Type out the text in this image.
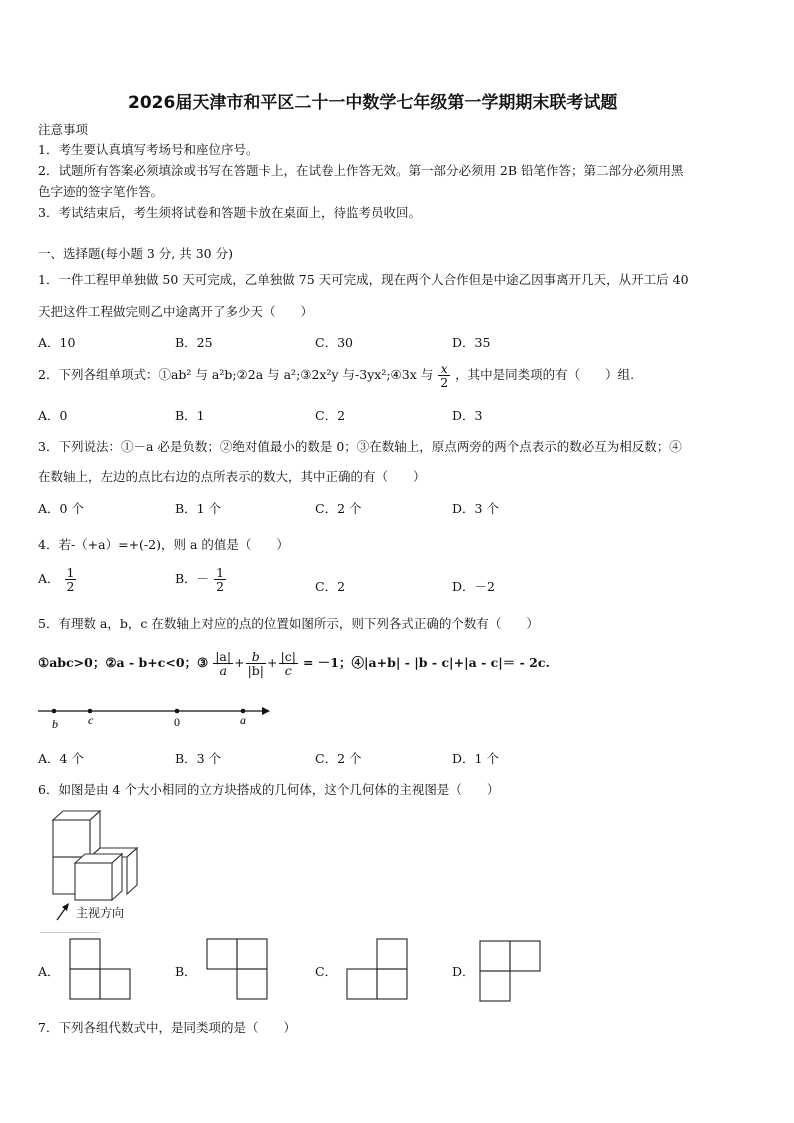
2026届天津市和平区二十一中数学七年级第一学期期末联考试题
注意事项
1．考生要认真填写考场号和座位序号。
2．试题所有答案必须填涂或书写在答题卡上，在试卷上作答无效。第一部分必须用 2B 铅笔作答；第二部分必须用黑
色字迹的签字笔作答。
3．考试结束后，考生须将试卷和答题卡放在桌面上，待监考员收回。
一、选择题(每小题 3 分, 共 30 分)
1．一件工程甲单独做 50 天可完成，乙单独做 75 天可完成，现在两个人合作但是中途乙因事离开几天，从开工后 40
天把这件工程做完则乙中途离开了多少天（　　）
A．10	B．25	C．30	D．35
2．下列各组单项式：①ab² 与 a²b;②2a 与 a²;③2x²y 与-3yx²;④3x 与 $\frac{x}{2}$ ，其中是同类项的有（　　）组.
A．0	B．1	C．2	D．3
3．下列说法：①－a 必是负数；②绝对值最小的数是 0；③在数轴上，原点两旁的两个点表示的数必互为相反数；④
在数轴上，左边的点比右边的点所表示的数大，其中正确的有（　　）
A．0 个	B．1 个	C．2 个	D．3 个
4．若-（+a）=+(-2)，则 a 的值是（　　）
A． $\frac{1}{2}$	B．－ $\frac{1}{2}$	C．2	D．－2
5．有理数 a，b，c 在数轴上对应的点的位置如图所示，则下列各式正确的个数有（　　）
①abc>0；②a - b+c<0；③ $\frac{|a|}{a} + \frac{b}{|b|} + \frac{|c|}{c} = -1$；④|a+b| - |b - c|+|a - c|＝ - 2c.
b	c	0	a
A．4 个	B．3 个	C．2 个	D．1 个
6．如图是由 4 个大小相同的立方块搭成的几何体，这个几何体的主视图是（　　）
主视方向
A．	B．	C．	D．
7．下列各组代数式中，是同类项的是（　　）
